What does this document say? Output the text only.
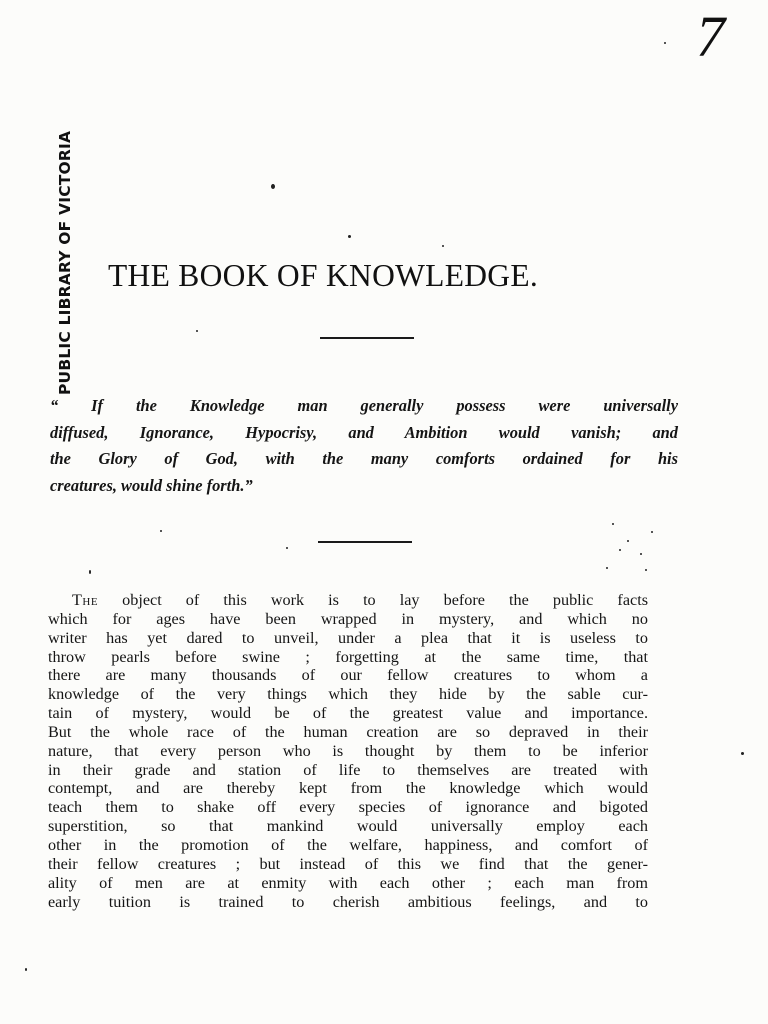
7
PUBLIC LIBRARY OF VICTORIA THE BOOK OF KNOWLEDGE.

“ If the Knowledge man generally possess were universally
diffused, Ignorance, Hypocrisy, and Ambition would vanish; and
the Glory of God, with the many comforts ordained for his
creatures, would shine forth.”

The object of this work is to lay before the public facts
which for ages have been wrapped in mystery, and which no
writer has yet dared to unveil, under a plea that it is useless to
throw pearls before swine ; forgetting at the same time, that
there are many thousands of our fellow creatures to whom a
knowledge of the very things which they hide by the sable cur-
tain of mystery, would be of the greatest value and importance.
But the whole race of the human creation are so depraved in their
nature, that every person who is thought by them to be inferior
in their grade and station of life to themselves are treated with
contempt, and are thereby kept from the knowledge which would
teach them to shake off every species of ignorance and bigoted
superstition, so that mankind would universally employ each
other in the promotion of the welfare, happiness, and comfort of
their fellow creatures ; but instead of this we find that the gener-
ality of men are at enmity with each other ; each man from
early tuition is trained to cherish ambitious feelings, and to
